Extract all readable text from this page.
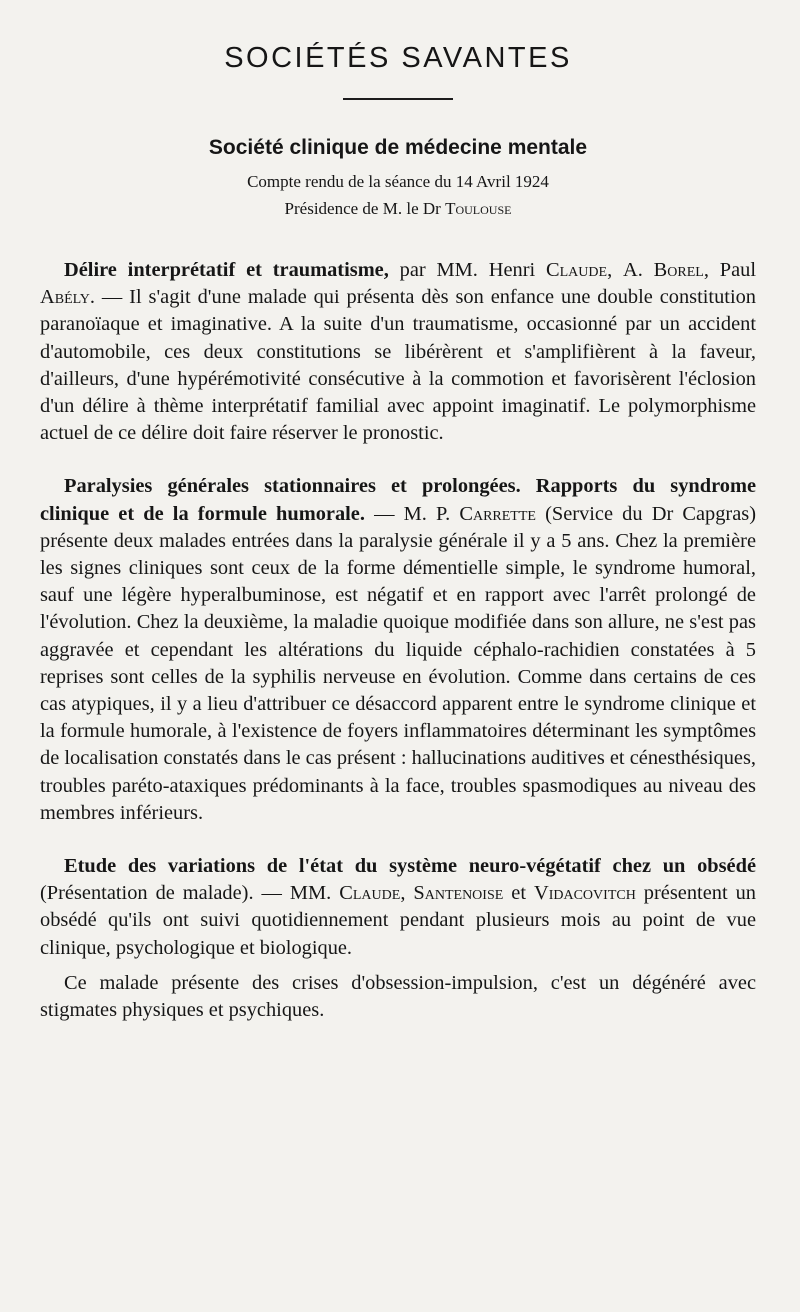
SOCIÉTÉS SAVANTES
Société clinique de médecine mentale

Compte rendu de la séance du 14 Avril 1924

Présidence de M. le Dr Toulouse

Délire interprétatif et traumatisme, par MM. Henri Claude, A. Borel, Paul Abély. — Il s'agit d'une malade qui présenta dès son enfance une double constitution paranoïaque et imaginative. A la suite d'un traumatisme, occasionné par un accident d'automobile, ces deux constitutions se libérèrent et s'amplifièrent à la faveur, d'ailleurs, d'une hypérémotivité consécutive à la commotion et favorisèrent l'éclosion d'un délire à thème interprétatif familial avec appoint imaginatif. Le polymorphisme actuel de ce délire doit faire réserver le pronostic.

Paralysies générales stationnaires et prolongées. Rapports du syndrome clinique et de la formule humorale. — M. P. Carrette (Service du Dr Capgras) présente deux malades entrées dans la paralysie générale il y a 5 ans. Chez la première les signes cliniques sont ceux de la forme démentielle simple, le syndrome humoral, sauf une légère hyperalbuminose, est négatif et en rapport avec l'arrêt prolongé de l'évolution. Chez la deuxième, la maladie quoique modifiée dans son allure, ne s'est pas aggravée et cependant les altérations du liquide céphalo-rachidien constatées à 5 reprises sont celles de la syphilis nerveuse en évolution. Comme dans certains de ces cas atypiques, il y a lieu d'attribuer ce désaccord apparent entre le syndrome clinique et la formule humorale, à l'existence de foyers inflammatoires déterminant les symptômes de localisation constatés dans le cas présent : hallucinations auditives et cénesthésiques, troubles paréto-ataxiques prédominants à la face, troubles spasmodiques au niveau des membres inférieurs.

Etude des variations de l'état du système neuro-végétatif chez un obsédé (Présentation de malade). — MM. Claude, Santenoise et Vidacovitch présentent un obsédé qu'ils ont suivi quotidiennement pendant plusieurs mois au point de vue clinique, psychologique et biologique.

Ce malade présente des crises d'obsession-impulsion, c'est un dégénéré avec stigmates physiques et psychiques.
